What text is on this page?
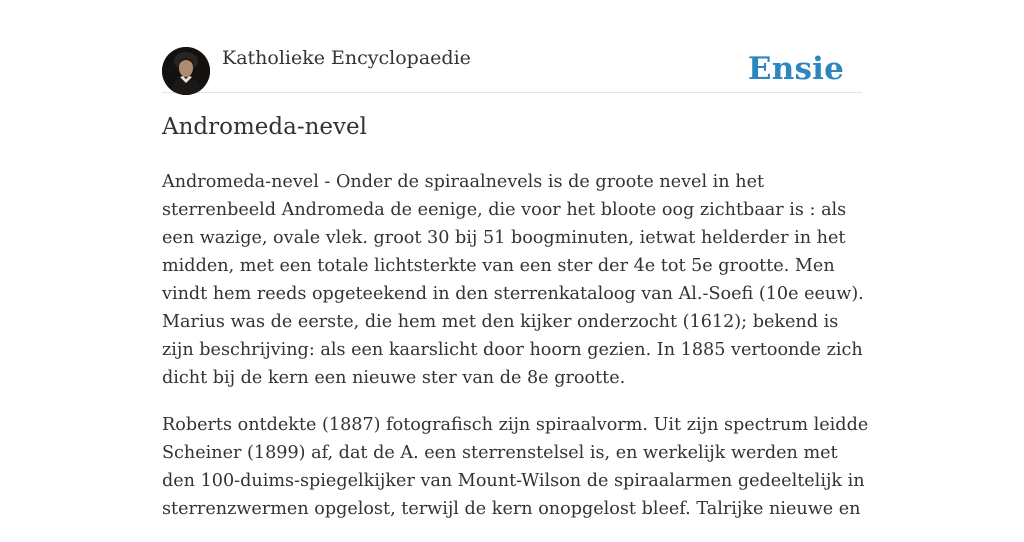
Katholieke Encyclopaedie	Ensie
Andromeda-nevel

Andromeda-nevel - Onder de spiraalnevels is de groote nevel in het sterrenbeeld Andromeda de eenige, die voor het bloote oog zichtbaar is : als een wazige, ovale vlek. groot 30 bij 51 boogminuten, ietwat helderder in het midden, met een totale lichtsterkte van een ster der 4e tot 5e grootte. Men vindt hem reeds opgeteekend in den sterrenkataloog van Al.-Soefi (10e eeuw). Marius was de eerste, die hem met den kijker onderzocht (1612); bekend is zijn beschrijving: als een kaarslicht door hoorn gezien. In 1885 vertoonde zich dicht bij de kern een nieuwe ster van de 8e grootte.

Roberts ontdekte (1887) fotografisch zijn spiraalvorm. Uit zijn spectrum leidde Scheiner (1899) af, dat de A. een sterrenstelsel is, en werkelijk werden met den 100-duims-spiegelkijker van Mount-Wilson de spiraalarmen gedeeltelijk in sterrenzwermen opgelost, terwijl de kern onopgelost bleef. Talrijke nieuwe en
